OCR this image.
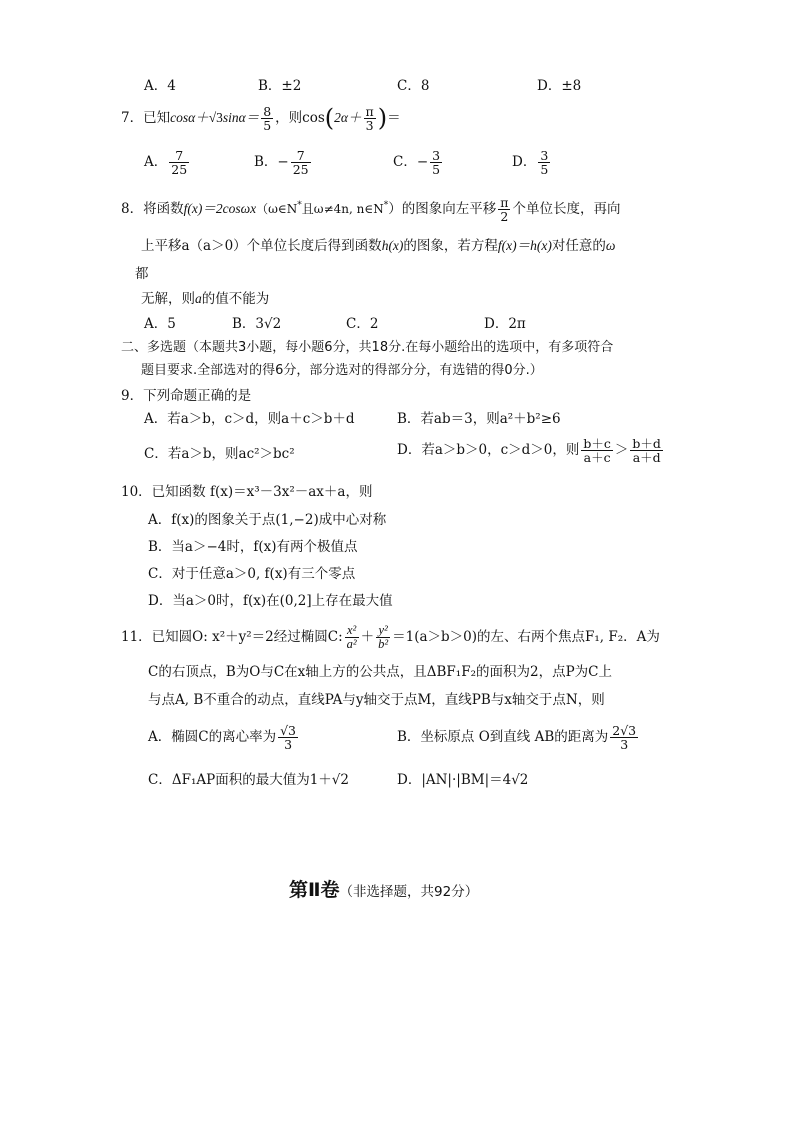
A．4	B．±2	C．8	D．±8
7．已知$\cos\alpha+√3\sin\alpha= \frac{8}{5}$ ，则$\cos(2\alpha+ \frac{\pi}{3}$ )＝
A． $\frac{7}{25}$	B．− $\frac{7}{25}$	C．− $\frac{3}{5}$	D． $\frac{3}{5}$
8．将函数f(x)＝2cosωx（ω∈N*且ω≠4n, n∈N*）的图象向左平移 $\frac{\pi}{2}$ 个单位长度，再向
上平移a（a＞0）个单位长度后得到函数h(x)的图象，若方程f(x)＝h(x)对任意的ω
都
无解，则a的值不能为
A．5	B．3√2	C．2	D．2π
二、多选题（本题共3小题，每小题6分，共18分.在每小题给出的选项中，有多项符合
题目要求.全部选对的得6分，部分选对的得部分分，有选错的得0分.）
9．下列命题正确的是
A．若a＞b，c＞d，则a＋c＞b＋d	B．若ab＝3，则a²＋b²≥6
C．若a＞b，则ac²＞bc²	D．若a＞b＞0，c＞d＞0，则 $\frac{b+c}{a+c} > \frac{b+d}{a+d}$
10．已知函数 f(x)＝x³－3x²－ax＋a，则
A．f(x)的图象关于点(1,−2)成中心对称
B．当a＞−4时，f(x)有两个极值点
C．对于任意a＞0, f(x)有三个零点
D．当a＞0时，f(x)在(0,2]上存在最大值
11．已知圆O: x²＋y²＝2经过椭圆C: $\frac{\text{x²}}{\text{a²}} + \frac{\text{y²}}{\text{b²}} =1(a>b>0)$的左、右两个焦点F₁, F₂．A为
C的右顶点，B为O与C在x轴上方的公共点，且ΔBF₁F₂的面积为2，点P为C上
与点A, B不重合的动点，直线PA与y轴交于点M，直线PB与x轴交于点N，则
A．椭圆C的离心率为 $\frac{√3}{3}$	B．坐标原点 O到直线 AB的距离为 $\frac{2√3}{3}$
C．ΔF₁AP面积的最大值为1＋√2	D．|AN|·|BM|＝4√2
第Ⅱ卷（非选择题，共92分）
